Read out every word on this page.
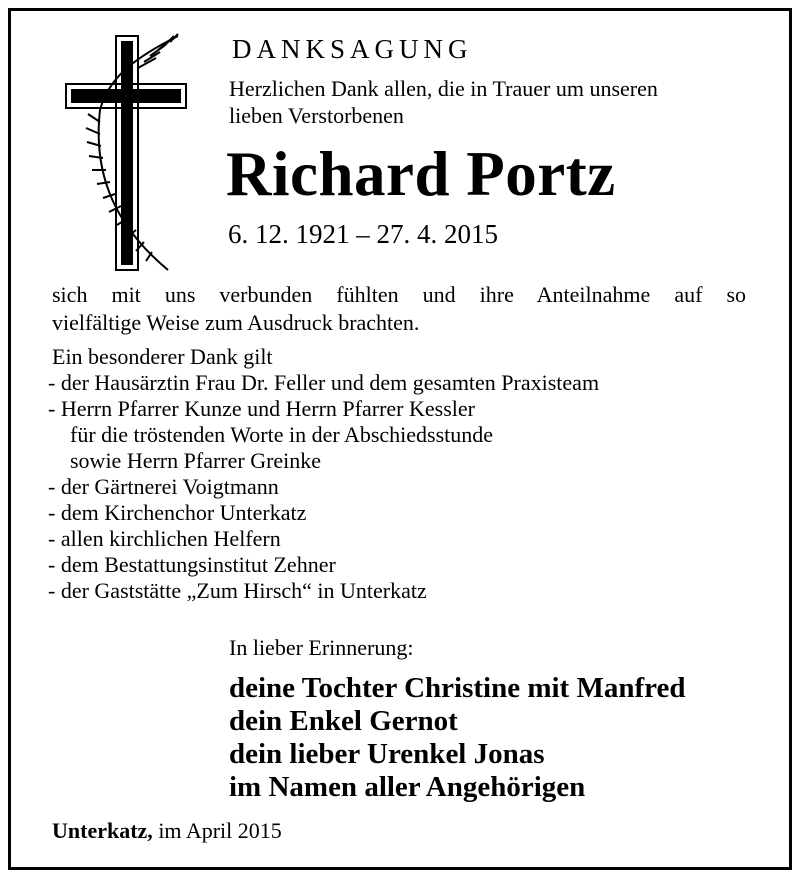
DANKSAGUNG
Herzlichen Dank allen, die in Trauer um unseren
lieben Verstorbenen
Richard Portz
6. 12. 1921 – 27. 4. 2015
sich mit uns verbunden fühlten und ihre Anteilnahme auf so
vielfältige Weise zum Ausdruck brachten.
Ein besonderer Dank gilt
- der Hausärztin Frau Dr. Feller und dem gesamten Praxisteam
- Herrn Pfarrer Kunze und Herrn Pfarrer Kessler
für die tröstenden Worte in der Abschiedsstunde
sowie Herrn Pfarrer Greinke
- der Gärtnerei Voigtmann
- dem Kirchenchor Unterkatz
- allen kirchlichen Helfern
- dem Bestattungsinstitut Zehner
- der Gaststätte „Zum Hirsch“ in Unterkatz
In lieber Erinnerung:
deine Tochter Christine mit Manfred
dein Enkel Gernot
dein lieber Urenkel Jonas
im Namen aller Angehörigen
Unterkatz, im April 2015
